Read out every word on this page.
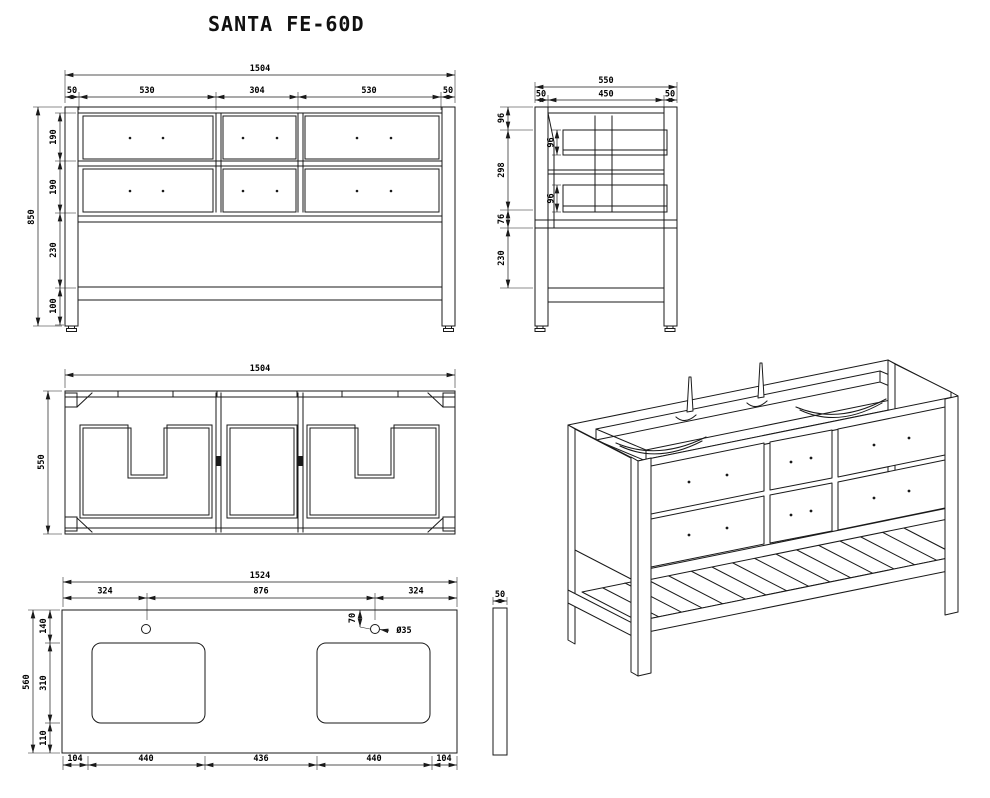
SANTA FE-60D
1504
50	530	304	530	50
850
190
190
230
100
550
50	450	50
96
298
76
230
96
96
1504
550
1524
324	876	324
70
Ø35
560
140
310
110
104	440	436	440	104
50
